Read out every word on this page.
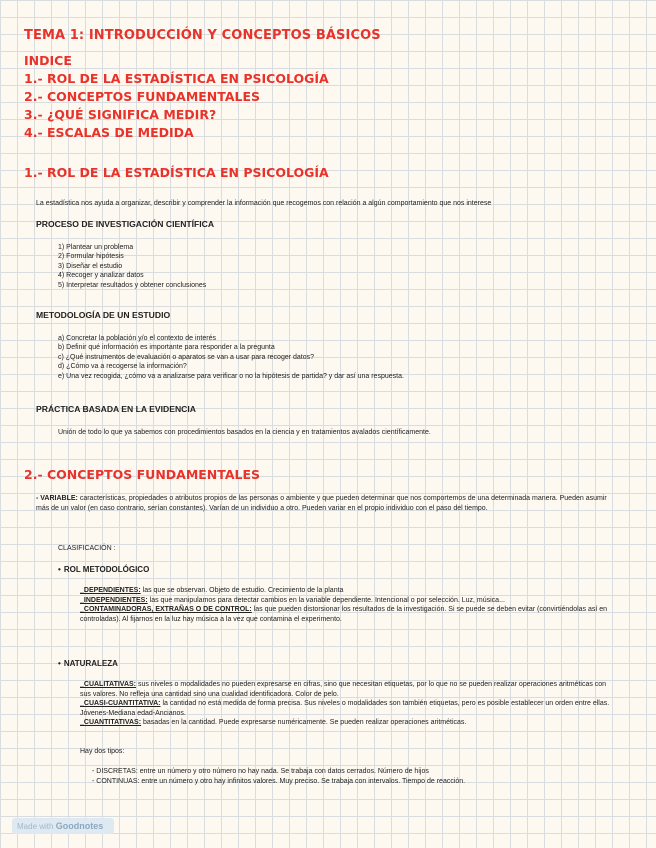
TEMA 1: INTRODUCCIÓN Y CONCEPTOS BÁSICOS
INDICE
1.- ROL DE LA ESTADÍSTICA EN PSICOLOGÍA
2.- CONCEPTOS FUNDAMENTALES
3.- ¿QUÉ SIGNIFICA MEDIR?
4.- ESCALAS DE MEDIDA
1.- ROL DE LA ESTADÍSTICA EN PSICOLOGÍA
La estadística nos ayuda a organizar, describir y comprender la información que recogemos con relación a algún comportamiento que nos interese
PROCESO DE INVESTIGACIÓN CIENTÍFICA
1) Plantear un problema
2) Formular hipótesis
3) Diseñar el estudio
4) Recoger y analizar datos
5) Interpretar resultados y obtener conclusiones
METODOLOGÍA DE UN ESTUDIO
a) Concretar la población y/o el contexto de interés
b) Definir qué información es importante para responder a la pregunta
c) ¿Qué instrumentos de evaluación o aparatos se van a usar para recoger datos?
d) ¿Cómo va a recogerse la información?
e) Una vez recogida, ¿cómo va a analizarse para verificar o no la hipótesis de partida? y dar así una respuesta.
PRÁCTICA BASADA EN LA EVIDENCIA
Unión de todo lo que ya sabemos con procedimientos basados en la ciencia y en tratamientos avalados científicamente.
2.- CONCEPTOS FUNDAMENTALES
- VARIABLE: características, propiedades o atributos propios de las personas o ambiente y que pueden determinar que nos comportemos de una determinada manera. Pueden asumir más de un valor (en caso contrario, serían constantes). Varían de un individuo a otro. Pueden variar en el propio individuo con el paso del tiempo.
CLASIFICACIÓN :
• ROL METODOLÓGICO
_DEPENDIENTES: las que se observan. Objeto de estudio. Crecimiento de la planta
_INDEPENDIENTES: las que manipulamos para detectar cambios en la variable dependiente. Intencional o por selección. Luz, música...
_CONTAMINADORAS, EXTRAÑAS O DE CONTROL: las que pueden distorsionar los resultados de la investigación. Si se puede se deben evitar (convirtiéndolas así en controladas). Al fijarnos en la luz hay música a la vez que contamina el experimento.
• NATURALEZA
_CUALITATIVAS: sus niveles o modalidades no pueden expresarse en cifras, sino que necesitan etiquetas, por lo que no se pueden realizar operaciones aritméticas con sus valores. No refleja una cantidad sino una cualidad identificadora. Color de pelo.
_CUASI-CUANTITATIVA: la cantidad no está medida de forma precisa. Sus niveles o modalidades son también etiquetas, pero es posible establecer un orden entre ellas. Jóvenes-Mediana edad-Ancianos.
_CUANTITATIVAS: basadas en la cantidad. Puede expresarse numéricamente. Se pueden realizar operaciones aritméticas.
Hay dos tipos:
- DISCRETAS: entre un número y otro número no hay nada. Se trabaja con datos cerrados. Número de hijos
- CONTINUAS: entre un número y otro hay infinitos valores. Muy preciso. Se trabaja con intervalos. Tiempo de reacción.
Made with Goodnotes
